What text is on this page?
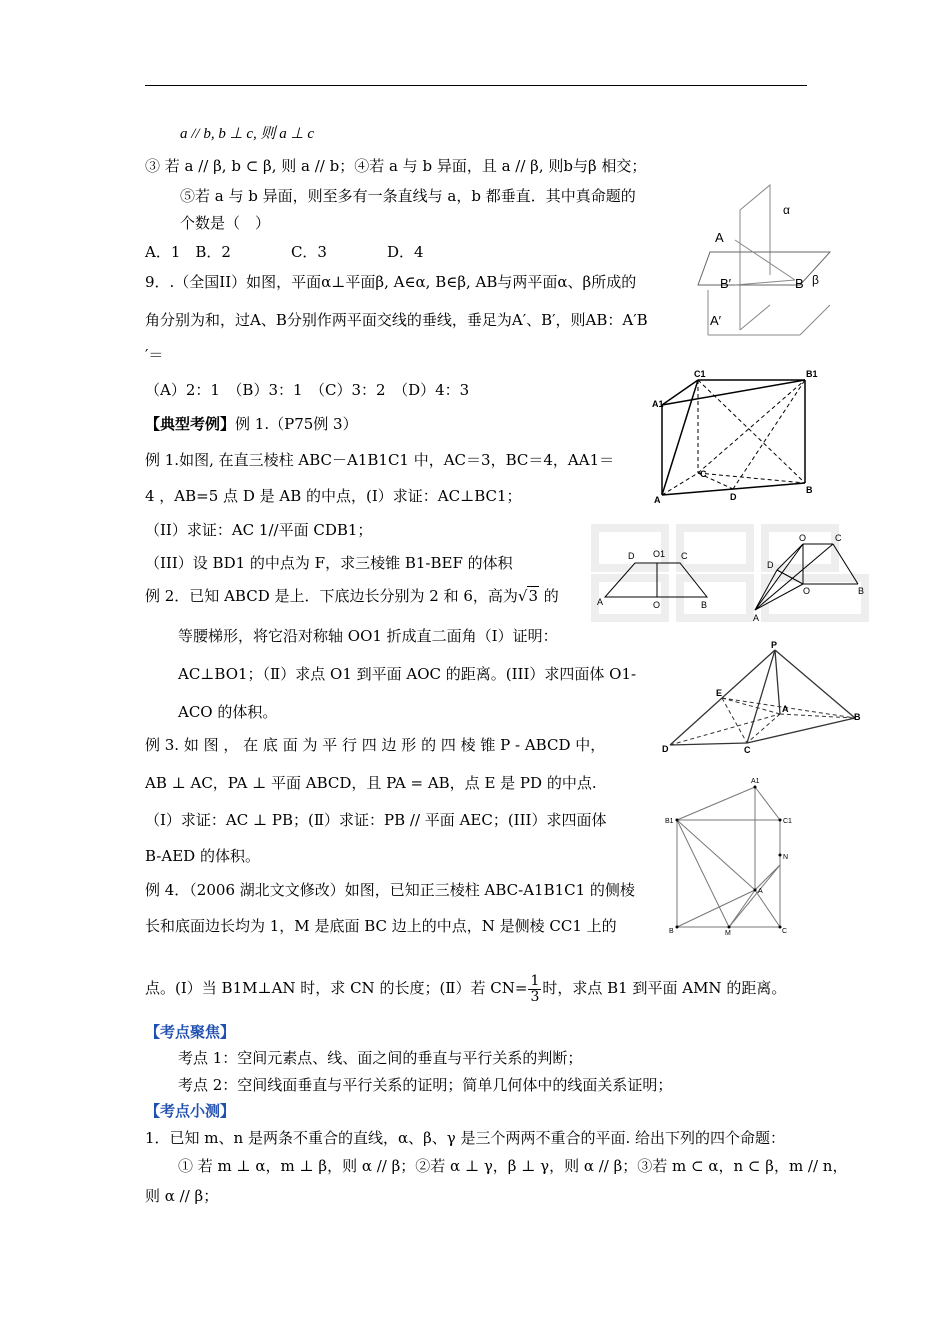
a // b, b ⊥ c, 则 a ⊥ c
③ 若 a // β, b ⊂ β, 则 a // b；④若 a 与 b 异面，且 a // β, 则b与β 相交；
⑤若 a 与 b 异面，则至多有一条直线与 a，b 都垂直．其中真命题的
个数是（　）
A．1　B．2　　　　C．3　　　　D．4
9．.（全国II）如图，平面α⊥平面β, A∈α, B∈β, AB与两平面α、β所成的
角分别为和，过A、B分别作两平面交线的垂线，垂足为A′、B′，则AB：A′B
′＝
（A）2：1　（B）3：1　（C）3：2　（D）4：3
【典型考例】例 1.（P75例 3）
例 1.如图, 在直三棱柱 ABC－A1B1C1 中，AC＝3，BC＝4，AA1＝
4 ，AB=5 点 D 是 AB 的中点，(I）求证：AC⊥BC1；
（II）求证：AC 1//平面 CDB1；
（III）设 BD1 的中点为 F，求三棱锥 B1-BEF 的体积
例 2．已知 ABCD 是上．下底边长分别为 2 和 6，高为√3 的
等腰梯形，将它沿对称轴 OO1 折成直二面角（Ⅰ）证明：
AC⊥BO1；（Ⅱ）求点 O1 到平面 AOC 的距离。(III）求四面体 O1-
ACO 的体积。
例 3. 如 图 ， 在 底 面 为 平 行 四 边 形 的 四 棱 锥 P - ABCD 中，
AB ⊥ AC，PA ⊥ 平面 ABCD，且 PA = AB，点 E 是 PD 的中点.
（Ⅰ）求证：AC ⊥ PB；(Ⅱ）求证：PB // 平面 AEC；(III）求四面体
B-AED 的体积。
例 4．（2006 湖北文文修改）如图，已知正三棱柱 ABC-A1B1C1 的侧棱
长和底面边长均为 1，M 是底面 BC 边上的中点，N 是侧棱 CC1 上的
点。(Ⅰ）当 B1M⊥AN 时，求 CN 的长度；(Ⅱ）若 $CN= \frac{1}{3}$ 时，求点 B1 到平面 AMN 的距离。
【考点聚焦】
考点 1：空间元素点、线、面之间的垂直与平行关系的判断；
考点 2：空间线面垂直与平行关系的证明；简单几何体中的线面关系证明；
【考点小测】
1．已知 m、n 是两条不重合的直线，α、β、γ 是三个两两不重合的平面. 给出下列的四个命题：
① 若 m ⊥ α，m ⊥ β，则 α // β；②若 α ⊥ γ，β ⊥ γ，则 α // β；③若 m ⊂ α，n ⊂ β，m // n，
则 α // β；
α
A
B′	B β
A′
C1	B1
A1
C
A	D
B
D O1 C
A	O	B
O	C
D
O	B
A
P
E
A
B
C
D
A1
B1	C1
N
A
B	M	C
